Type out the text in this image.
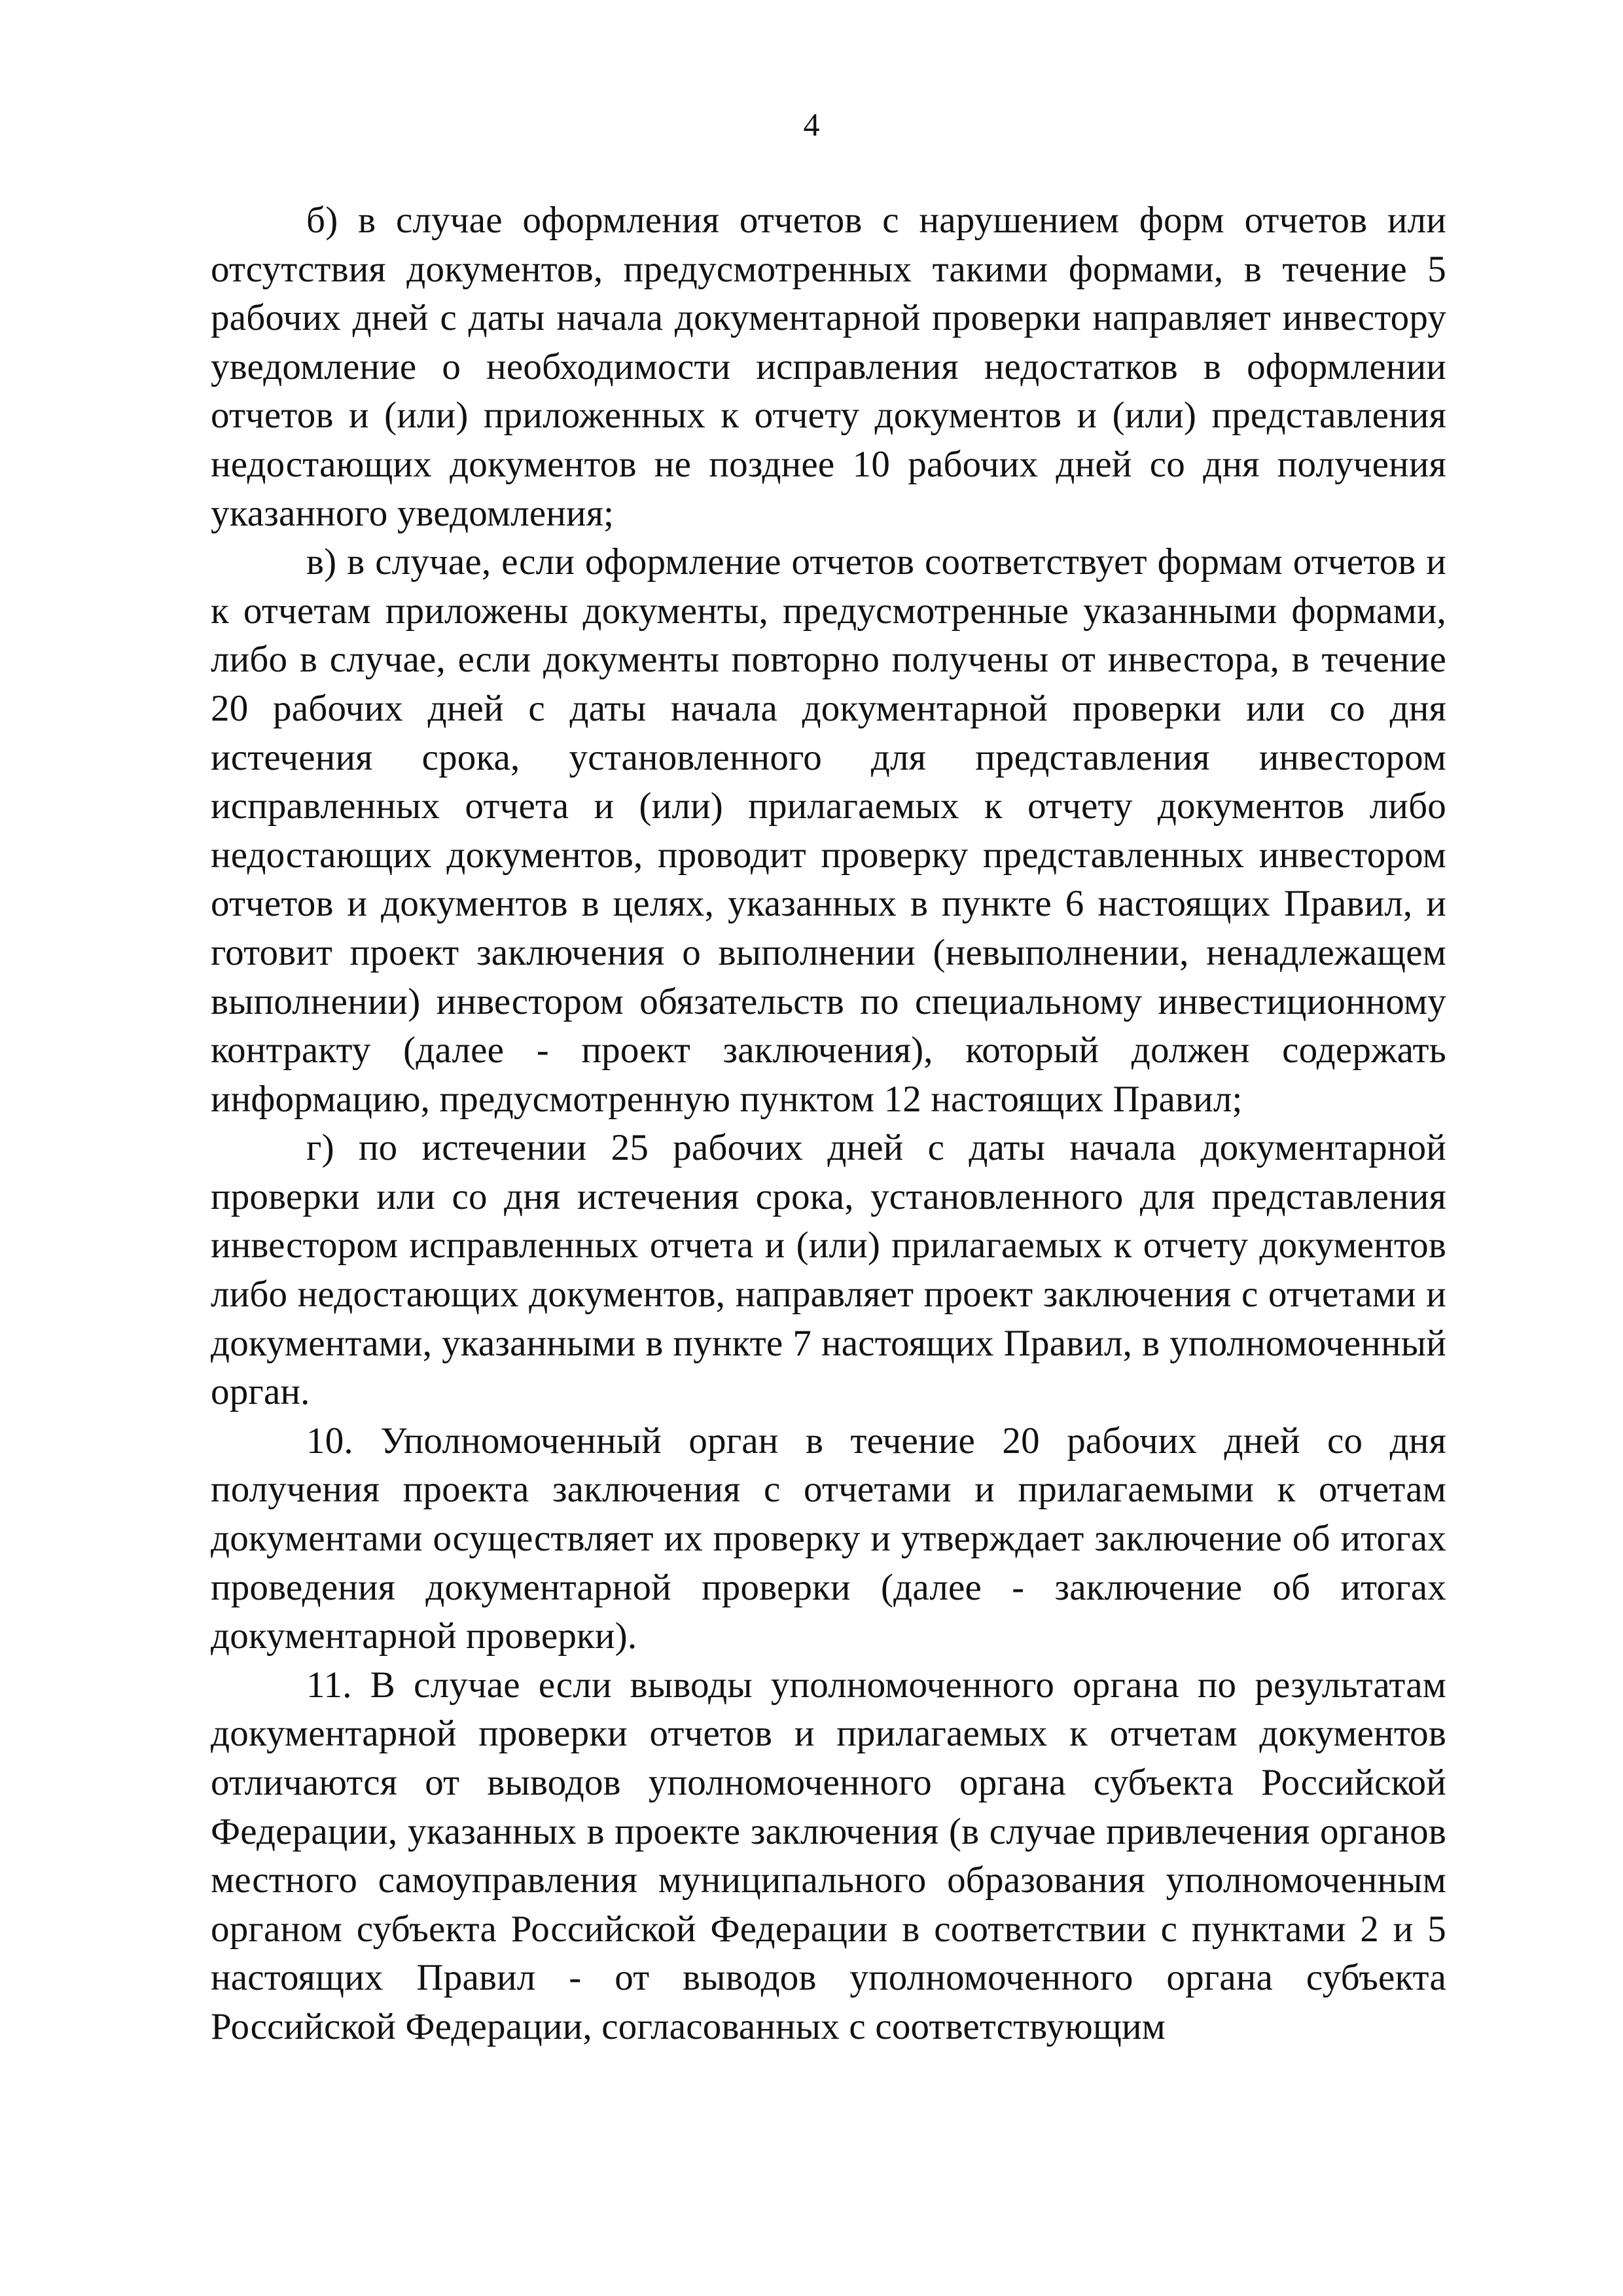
4

б) в случае оформления отчетов с нарушением форм отчетов или отсутствия документов, предусмотренных такими формами, в течение 5 рабочих дней с даты начала документарной проверки направляет инвестору уведомление о необходимости исправления недостатков в оформлении отчетов и (или) приложенных к отчету документов и (или) представления недостающих документов не позднее 10 рабочих дней со дня получения указанного уведомления;

в) в случае, если оформление отчетов соответствует формам отчетов и к отчетам приложены документы, предусмотренные указанными формами, либо в случае, если документы повторно получены от инвестора, в течение 20 рабочих дней с даты начала документарной проверки или со дня истечения срока, установленного для представления инвестором исправленных отчета и (или) прилагаемых к отчету документов либо недостающих документов, проводит проверку представленных инвестором отчетов и документов в целях, указанных в пункте 6 настоящих Правил, и готовит проект заключения о выполнении (невыполнении, ненадлежащем выполнении) инвестором обязательств по специальному инвестиционному контракту (далее - проект заключения), который должен содержать информацию, предусмотренную пунктом 12 настоящих Правил;

г) по истечении 25 рабочих дней с даты начала документарной проверки или со дня истечения срока, установленного для представления инвестором исправленных отчета и (или) прилагаемых к отчету документов либо недостающих документов, направляет проект заключения с отчетами и документами, указанными в пункте 7 настоящих Правил, в уполномоченный орган.

10. Уполномоченный орган в течение 20 рабочих дней со дня получения проекта заключения с отчетами и прилагаемыми к отчетам документами осуществляет их проверку и утверждает заключение об итогах проведения документарной проверки (далее - заключение об итогах документарной проверки).

11. В случае если выводы уполномоченного органа по результатам документарной проверки отчетов и прилагаемых к отчетам документов отличаются от выводов уполномоченного органа субъекта Российской Федерации, указанных в проекте заключения (в случае привлечения органов местного самоуправления муниципального образования уполномоченным органом субъекта Российской Федерации в соответствии с пунктами 2 и 5 настоящих Правил - от выводов уполномоченного органа субъекта Российской Федерации, согласованных с соответствующим
